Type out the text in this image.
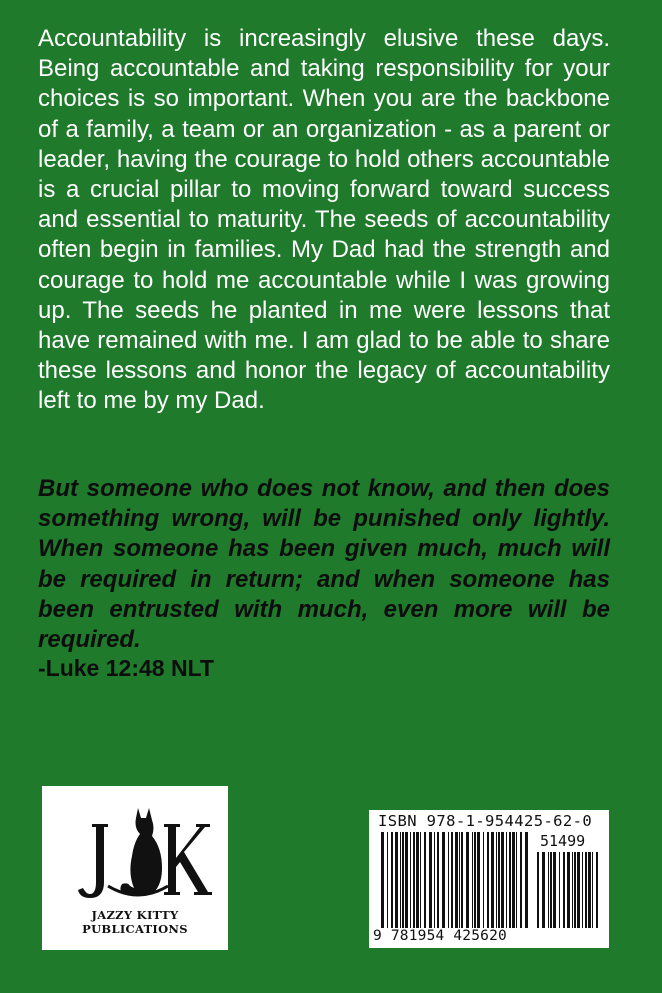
Accountability is increasingly elusive these days. Being accountable and taking responsibility for your choices is so important. When you are the backbone of a family, a team or an organization - as a parent or leader, having the courage to hold others accountable is a crucial pillar to moving forward toward success and essential to maturity. The seeds of accountability often begin in families. My Dad had the strength and courage to hold me accountable while I was growing up. The seeds he planted in me were lessons that have remained with me. I am glad to be able to share these lessons and honor the legacy of accountability left to me by my Dad.

But someone who does not know, and then does something wrong, will be punished only lightly. When someone has been given much, much will be required in return; and when someone has been entrusted with much, even more will be required.

-Luke 12:48 NLT

JAZZY KITTY
PUBLICATIONS
ISBN 978-1-954425-62-0
9 781954 425620
51499
